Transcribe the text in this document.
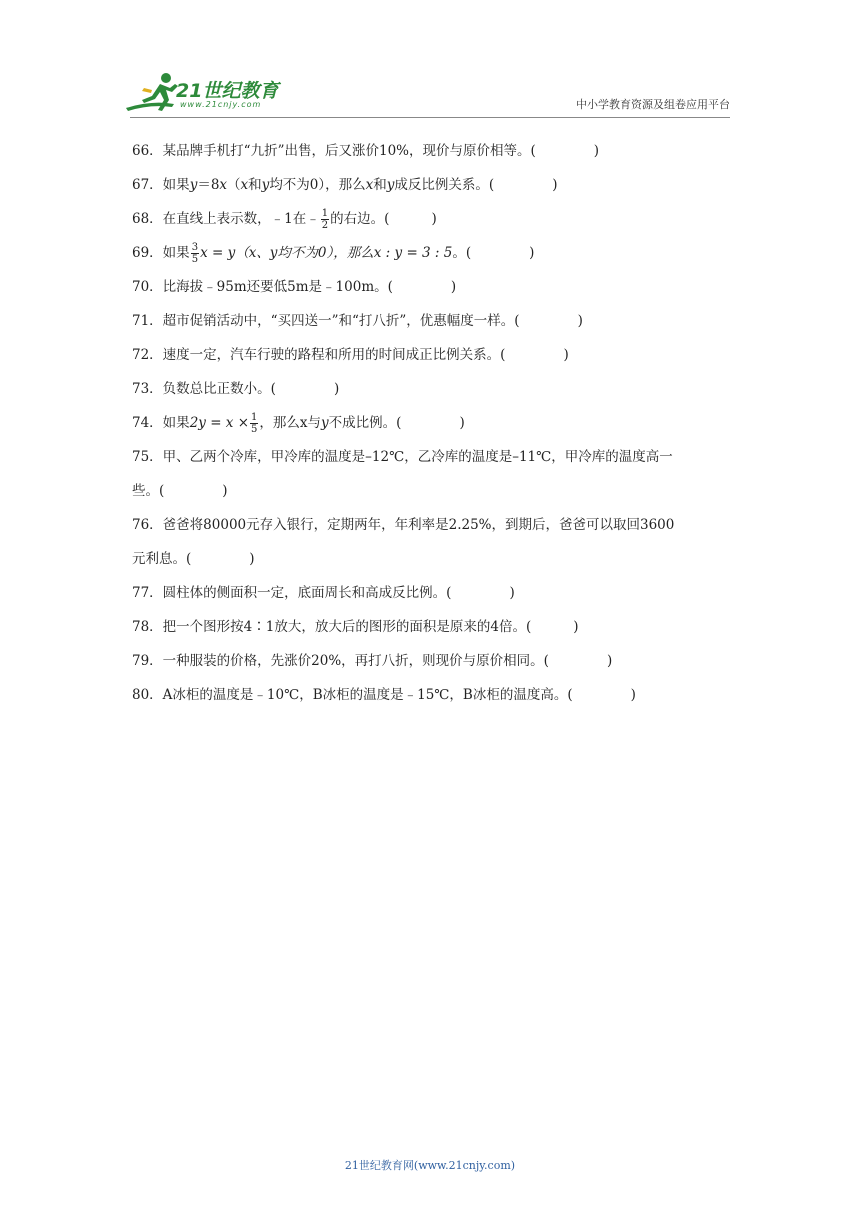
21世纪教育
www.21cnjy.com	中小学教育资源及组卷应用平台
66．某品牌手机打“九折”出售，后又涨价10%，现价与原价相等。(	)
67．如果y＝8x（x和y均不为0），那么x和y成反比例关系。(	)
68．在直线上表示数，﹣1在﹣ $\frac{1}{2}$ 的右边。(	)
69．如果 $\frac{3}{5}$ x = y（x、y均不为0），那么x : y = 3 : 5。(	)
70．比海拔﹣95m还要低5m是﹣100m。(	)
71．超市促销活动中，“买四送一”和“打八折”，优惠幅度一样。(	)
72．速度一定，汽车行驶的路程和所用的时间成正比例关系。(	)
73．负数总比正数小。(	)
74．如果$2y = x \times \frac{1}{5}$ ，那么x与y不成比例。(	)
75．甲、乙两个冷库，甲冷库的温度是–12℃，乙冷库的温度是–11℃，甲冷库的温度高一
些。(	)
76．爸爸将80000元存入银行，定期两年，年利率是2.25%，到期后，爸爸可以取回3600
元利息。(	)
77．圆柱体的侧面积一定，底面周长和高成反比例。(	)
78．把一个图形按4∶1放大，放大后的图形的面积是原来的4倍。(	)
79．一种服装的价格，先涨价20%，再打八折，则现价与原价相同。(	)
80．A冰柜的温度是﹣10℃，B冰柜的温度是﹣15℃，B冰柜的温度高。(	)
21世纪教育网(www.21cnjy.com)
